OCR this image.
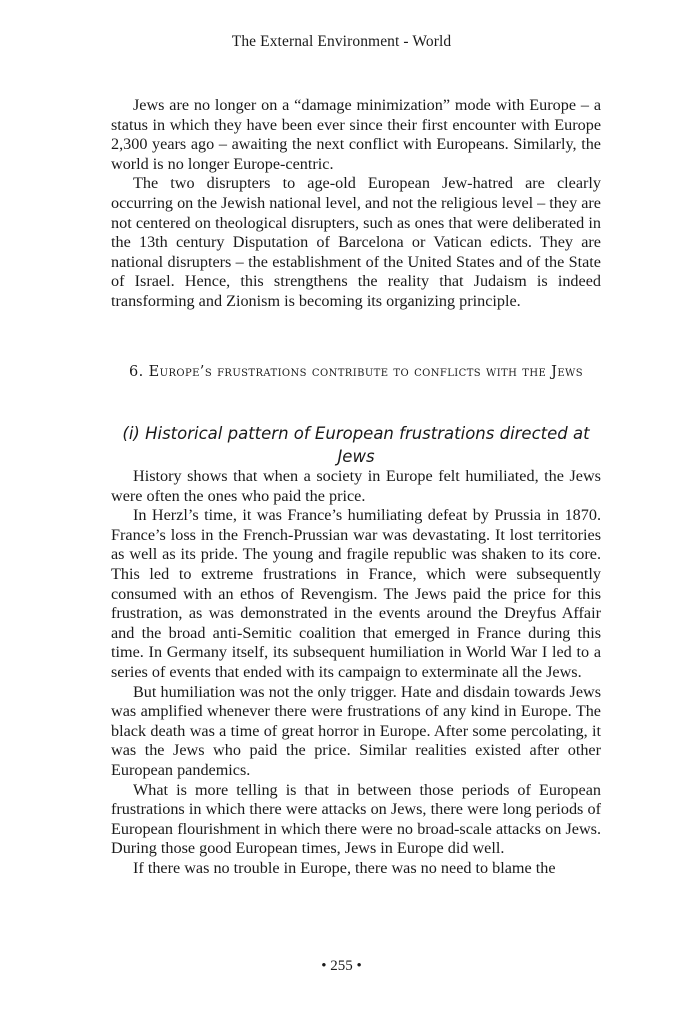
The External Environment - World

Jews are no longer on a “damage minimization” mode with Europe – a status in which they have been ever since their first encounter with Europe 2,300 years ago – awaiting the next conflict with Europeans. Similarly, the world is no longer Europe-centric.

The two disrupters to age-old European Jew-hatred are clearly occurring on the Jewish national level, and not the religious level – they are not centered on theological disrupters, such as ones that were deliberated in the 13th century Disputation of Barcelona or Vatican edicts. They are national disrupters – the establishment of the United States and of the State of Israel. Hence, this strengthens the reality that Judaism is indeed transforming and Zionism is becoming its organizing principle.

6. Europe’s frustrations contribute to conflicts with the Jews
(i) Historical pattern of European frustrations directed at Jews

History shows that when a society in Europe felt humiliated, the Jews were often the ones who paid the price.

In Herzl’s time, it was France’s humiliating defeat by Prussia in 1870. France’s loss in the French-Prussian war was devastating. It lost territories as well as its pride. The young and fragile republic was shaken to its core. This led to extreme frustrations in France, which were subsequently consumed with an ethos of Revengism. The Jews paid the price for this frustration, as was demonstrated in the events around the Dreyfus Affair and the broad anti-Semitic coalition that emerged in France during this time. In Germany itself, its subsequent humiliation in World War I led to a series of events that ended with its campaign to exterminate all the Jews.

But humiliation was not the only trigger. Hate and disdain towards Jews was amplified whenever there were frustrations of any kind in Europe. The black death was a time of great horror in Europe. After some percolating, it was the Jews who paid the price. Similar realities existed after other European pandemics.

What is more telling is that in between those periods of European frustrations in which there were attacks on Jews, there were long periods of European flourishment in which there were no broad-scale attacks on Jews. During those good European times, Jews in Europe did well.

If there was no trouble in Europe, there was no need to blame the

• 255 •
